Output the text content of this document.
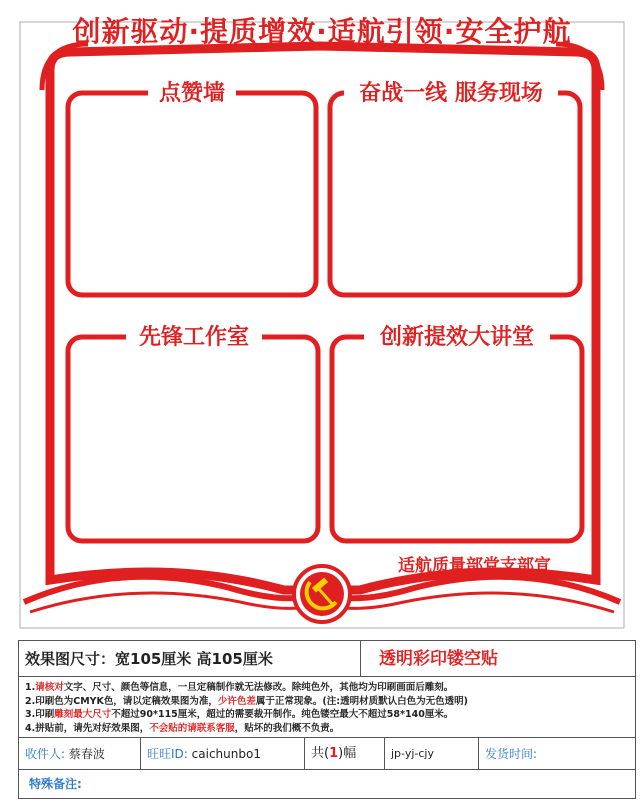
创新驱动·提质增效·适航引领·安全护航
点赞墙	奋战一线 服务现场
先锋工作室	创新提效大讲堂
适航质量部党支部宣
效果图尺寸：宽105厘米 高105厘米	透明彩印镂空贴
1.请核对文字、尺寸、颜色等信息，一旦定稿制作就无法修改。除纯色外，其他均为印刷画面后雕刻。
2.印刷色为CMYK色，请以定稿效果图为准，少许色差属于正常现象。(注:透明材质默认白色为无色透明)
3.印刷雕刻最大尺寸不超过90*115厘米，超过的需要裁开制作。纯色镂空最大不超过58*140厘米。
4.拼贴前，请先对好效果图，不会贴的请联系客服，贴坏的我们概不负责。
收件人: 蔡春波	旺旺ID: caichunbo1	共(1)幅	jp-yj-cjy	发货时间:
特殊备注:
